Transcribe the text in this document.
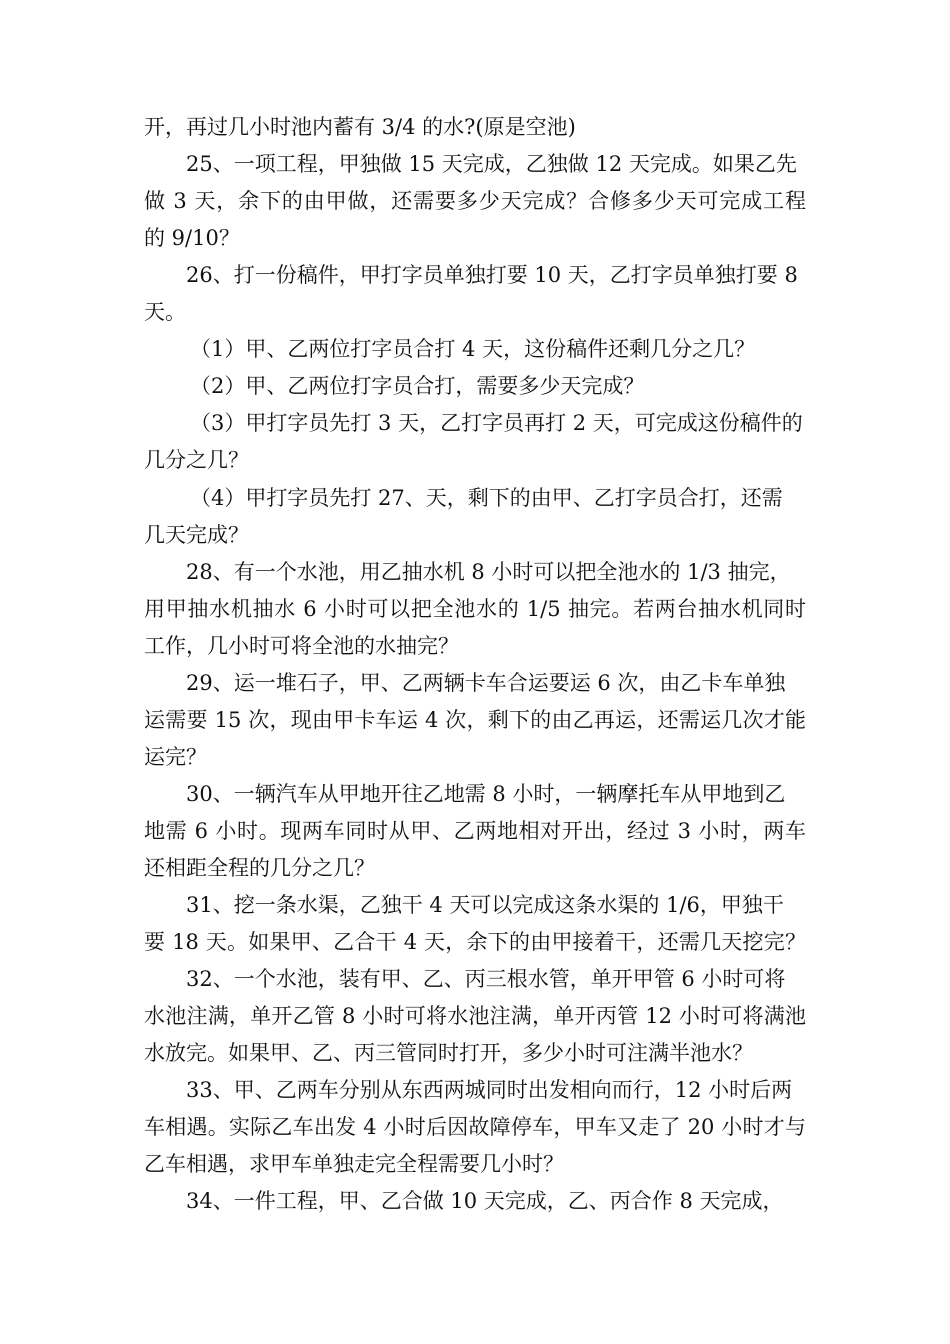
开，再过几小时池内蓄有 3/4 的水?(原是空池)
25、一项工程，甲独做 15 天完成，乙独做 12 天完成。如果乙先
做 3 天，余下的由甲做，还需要多少天完成？合修多少天可完成工程
的 9/10？
26、打一份稿件，甲打字员单独打要 10 天，乙打字员单独打要 8
天。
（1）甲、乙两位打字员合打 4 天，这份稿件还剩几分之几？
（2）甲、乙两位打字员合打，需要多少天完成？
（3）甲打字员先打 3 天，乙打字员再打 2 天，可完成这份稿件的
几分之几？
（4）甲打字员先打 27、天，剩下的由甲、乙打字员合打，还需
几天完成？
28、有一个水池，用乙抽水机 8 小时可以把全池水的 1/3 抽完，
用甲抽水机抽水 6 小时可以把全池水的 1/5 抽完。若两台抽水机同时
工作，几小时可将全池的水抽完？
29、运一堆石子，甲、乙两辆卡车合运要运 6 次，由乙卡车单独
运需要 15 次，现由甲卡车运 4 次，剩下的由乙再运，还需运几次才能
运完？
30、一辆汽车从甲地开往乙地需 8 小时，一辆摩托车从甲地到乙
地需 6 小时。现两车同时从甲、乙两地相对开出，经过 3 小时，两车
还相距全程的几分之几？
31、挖一条水渠，乙独干 4 天可以完成这条水渠的 1/6，甲独干
要 18 天。如果甲、乙合干 4 天，余下的由甲接着干，还需几天挖完？
32、一个水池，装有甲、乙、丙三根水管，单开甲管 6 小时可将
水池注满，单开乙管 8 小时可将水池注满，单开丙管 12 小时可将满池
水放完。如果甲、乙、丙三管同时打开，多少小时可注满半池水？
33、甲、乙两车分别从东西两城同时出发相向而行，12 小时后两
车相遇。实际乙车出发 4 小时后因故障停车，甲车又走了 20 小时才与
乙车相遇，求甲车单独走完全程需要几小时？
34、一件工程，甲、乙合做 10 天完成，乙、丙合作 8 天完成，
